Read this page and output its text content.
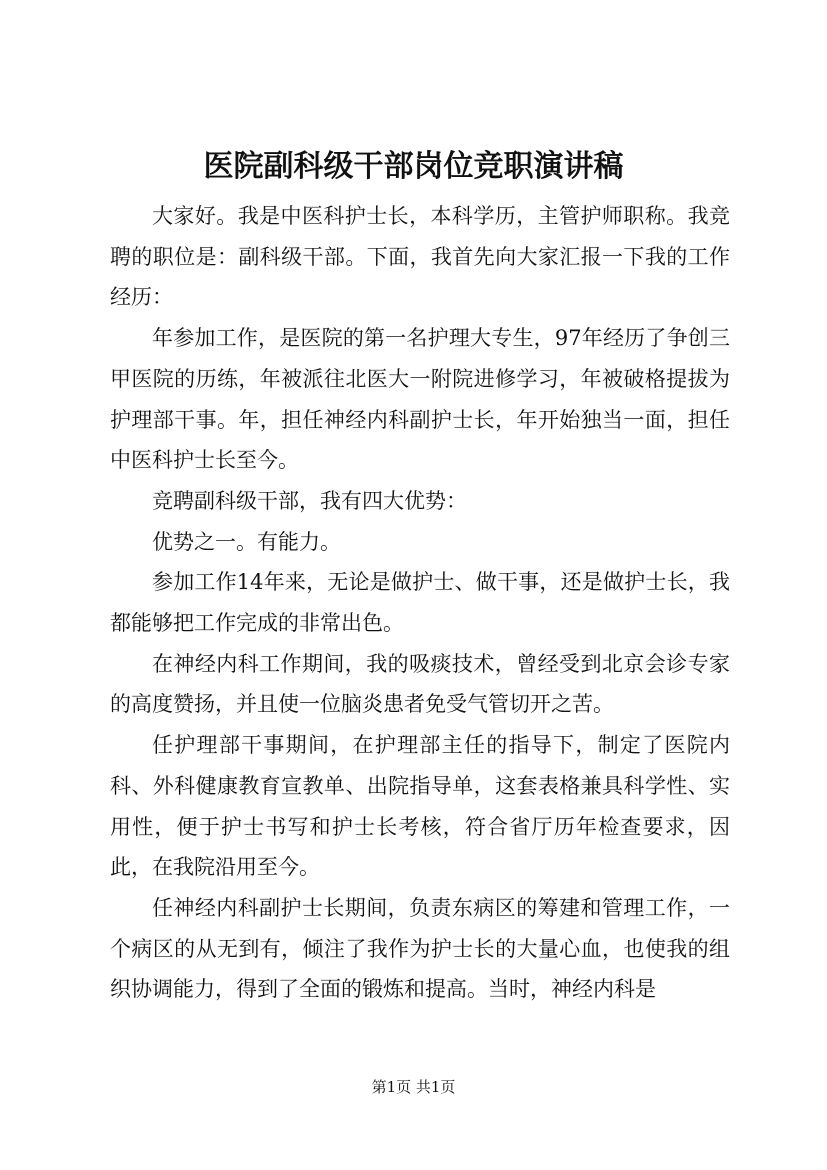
医院副科级干部岗位竞职演讲稿

大家好。我是中医科护士长，本科学历，主管护师职称。我竞聘的职位是：副科级干部。下面，我首先向大家汇报一下我的工作经历：

年参加工作，是医院的第一名护理大专生，97年经历了争创三甲医院的历练，年被派往北医大一附院进修学习，年被破格提拔为护理部干事。年，担任神经内科副护士长，年开始独当一面，担任中医科护士长至今。

竞聘副科级干部，我有四大优势：

优势之一。有能力。

参加工作14年来，无论是做护士、做干事，还是做护士长，我都能够把工作完成的非常出色。

在神经内科工作期间，我的吸痰技术，曾经受到北京会诊专家的高度赞扬，并且使一位脑炎患者免受气管切开之苦。

任护理部干事期间，在护理部主任的指导下，制定了医院内科、外科健康教育宣教单、出院指导单，这套表格兼具科学性、实用性，便于护士书写和护士长考核，符合省厅历年检查要求，因此，在我院沿用至今。

任神经内科副护士长期间，负责东病区的筹建和管理工作，一个病区的从无到有，倾注了我作为护士长的大量心血，也使我的组织协调能力，得到了全面的锻炼和提高。当时，神经内科是

第1页 共1页
